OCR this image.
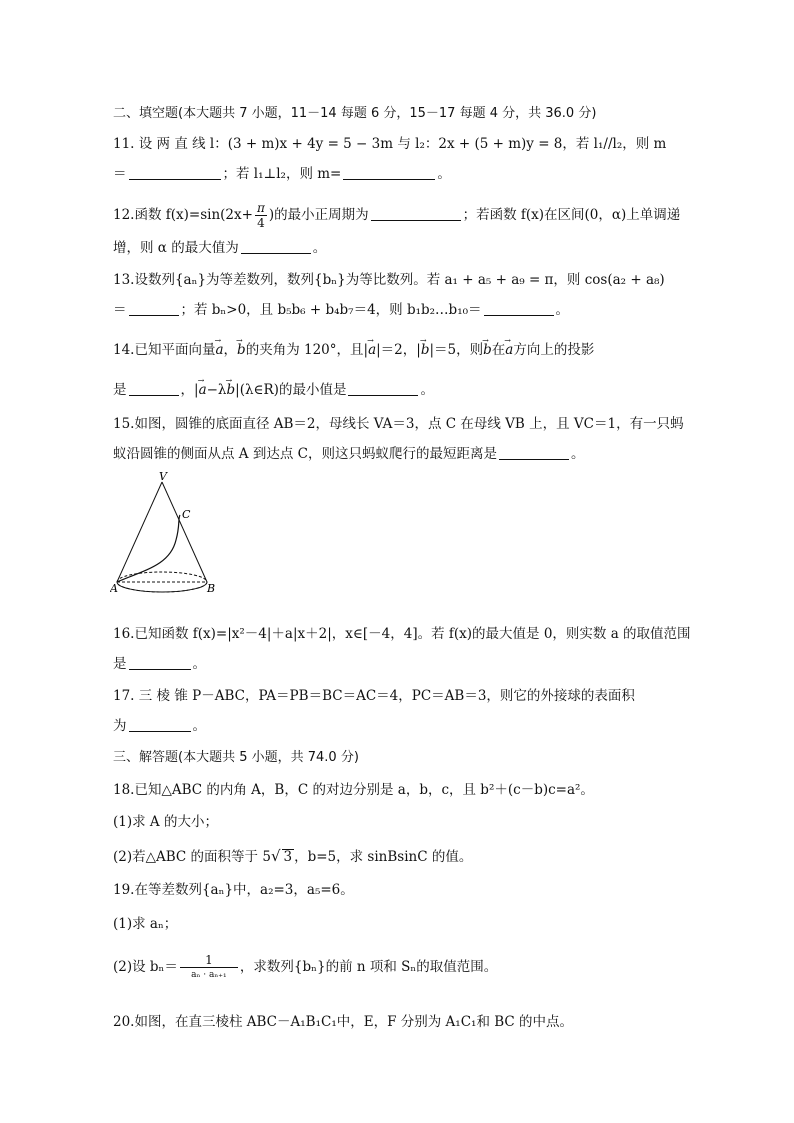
二、填空题(本大题共 7 小题，11－14 每题 6 分，15－17 每题 4 分，共 36.0 分)
11. 设 两 直 线 l：(3 + m)x + 4y = 5 − 3m 与 l₂：2x + (5 + m)y = 8，若 l₁//l₂，则 m
＝	；若 l₁⊥l₂，则 m=	。
12.函数 $f(x)=\sin(2x+ \frac{\pi}{4}$ )的最小正周期为	；若函数 f(x)在区间(0，α)上单调递
增，则 α 的最大值为	。
13.设数列{aₙ}为等差数列，数列{bₙ}为等比数列。若 a₁ + a₅ + a₉ = π，则 cos(a₂ + a₈)
＝	；若 bₙ>0，且 b₅b₆ + b₄b₇＝4，则 b₁b₂…b₁₀＝	。
14.已知平面向量→ a，→ b的夹角为 120°，且|→ a|＝2，|→ b|＝5，则→ b在→ a方向上的投影
是	，|→ a−λ→ b|(λ∈R)的最小值是	。
15.如图，圆锥的底面直径 AB＝2，母线长 VA＝3，点 C 在母线 VB 上，且 VC＝1，有一只蚂
蚁沿圆锥的侧面从点 A 到达点 C，则这只蚂蚁爬行的最短距离是	。
V
C
A	B
16.已知函数 f(x)=|x²－4|＋a|x＋2|，x∈[－4，4]。若 f(x)的最大值是 0，则实数 a 的取值范围
是	。
17. 三 棱 锥 P－ABC，PA＝PB＝BC＝AC＝4，PC＝AB＝3，则它的外接球的表面积
为	。
三、解答题(本大题共 5 小题，共 74.0 分)
18.已知△ABC 的内角 A，B，C 的对边分别是 a，b，c，且 b²＋(c－b)c=a²。
(1)求 A 的大小；
(2)若△ABC 的面积等于 5√ 3 ，b=5，求 sinBsinC 的值。
19.在等差数列{aₙ}中，a₂=3，a₅=6。
(1)求 aₙ；
(2)设 $b_n= \frac{1}{\text{aₙ · aₙ₊₁}}$ ，求数列{bₙ}的前 n 项和 Sₙ的取值范围。
20.如图，在直三棱柱 ABC－A₁B₁C₁中，E，F 分别为 A₁C₁和 BC 的中点。
